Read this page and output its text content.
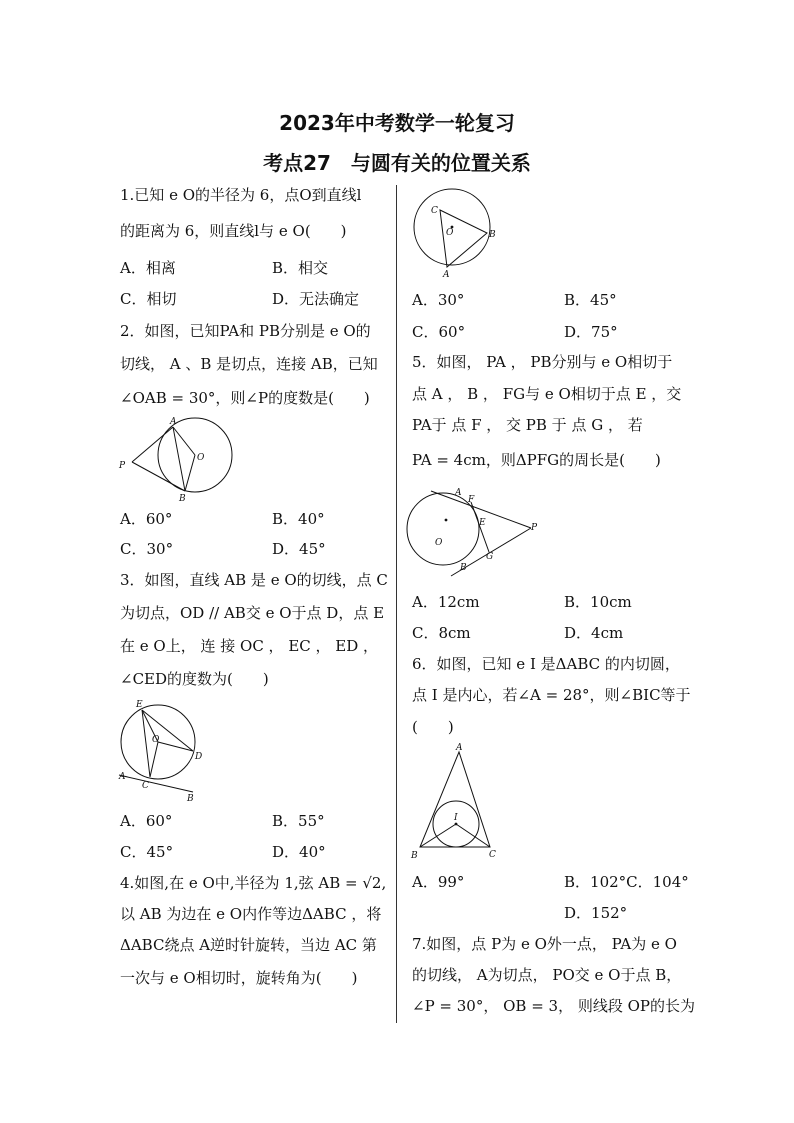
2023年中考数学一轮复习
考点27　与圆有关的位置关系
1.已知 e O的半径为 6，点O到直线l
的距离为 6，则直线l与 e O(　　)
A．相离	B．相交
C．相切	D．无法确定
2．如图，已知PA和 PB分别是 e O的
切线， A 、B 是切点，连接 AB，已知
∠OAB = 30°，则∠P的度数是(　　)
P
A
O
B
A．60°	B．40°
C．30°	D．45°
3．如图，直线 AB 是 e O的切线，点 C
为切点，OD // AB交 e O于点 D，点 E
在 e O上， 连 接 OC ， EC ， ED ，
∠CED的度数为(　　)
E
O
D
A
C
B
A．60°	B．55°
C．45°	D．40°
4.如图,在 e O中,半径为 1,弦 AB = √2,
以 AB 为边在 e O内作等边ΔABC ，将
ΔABC绕点 A逆时针旋转，当边 AC 第
一次与 e O相切时，旋转角为(　　)
C
O	B
A
A．30°	B．45°
C．60°	D．75°
5．如图， PA ， PB分别与 e O相切于
点 A ， B ， FG与 e O相切于点 E ，交
PA于 点 F ， 交 PB 于 点 G ， 若
PA = 4cm，则ΔPFG的周长是(　　)
A
F
E	P
O
G
B
A．12cm	B．10cm
C．8cm	D．4cm
6．如图，已知 e I 是ΔABC 的内切圆，
点 I 是内心，若∠A = 28°，则∠BIC等于
(　　)
A
I
B	C
A．99°	B．102°C．104°
D．152°
7.如图，点 P为 e O外一点， PA为 e O
的切线， A为切点， PO交 e O于点 B，
∠P = 30°， OB = 3， 则线段 OP的长为
